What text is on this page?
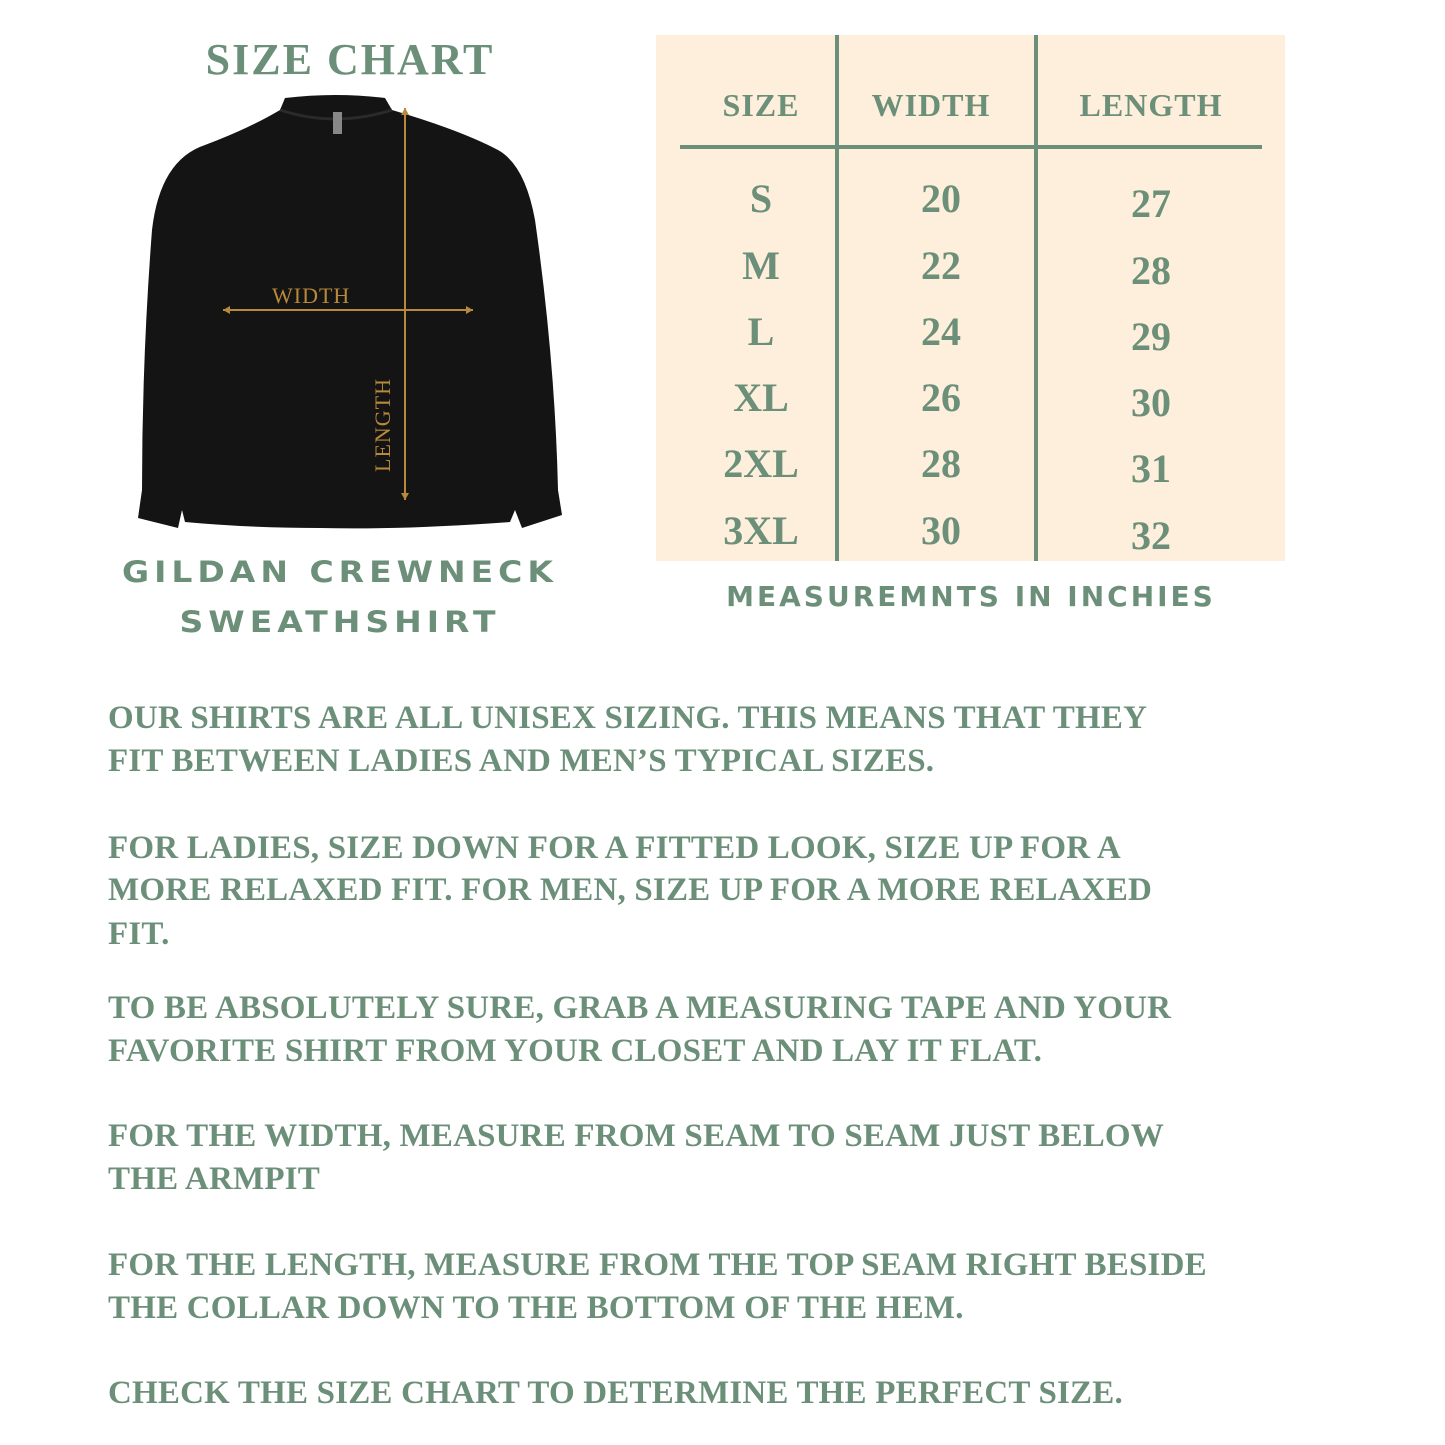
SIZE CHART
WIDTH
LENGTH
GILDAN CREWNECK
SWEATHSHIRT
SIZE	WIDTH	LENGTH
S	20	27
M	22	28
L	24	29
XL	26	30
2XL	28	31
3XL	30	32
MEASUREMNTS IN INCHIES
OUR SHIRTS ARE ALL UNISEX SIZING. THIS MEANS THAT THEY
FIT BETWEEN LADIES AND MEN’S TYPICAL SIZES.
FOR LADIES, SIZE DOWN FOR A FITTED LOOK, SIZE UP FOR A
MORE RELAXED FIT. FOR MEN, SIZE UP FOR A MORE RELAXED
FIT.
TO BE ABSOLUTELY SURE, GRAB A MEASURING TAPE AND YOUR
FAVORITE SHIRT FROM YOUR CLOSET AND LAY IT FLAT.
FOR THE WIDTH, MEASURE FROM SEAM TO SEAM JUST BELOW
THE ARMPIT
FOR THE LENGTH, MEASURE FROM THE TOP SEAM RIGHT BESIDE
THE COLLAR DOWN TO THE BOTTOM OF THE HEM.
CHECK THE SIZE CHART TO DETERMINE THE PERFECT SIZE.
